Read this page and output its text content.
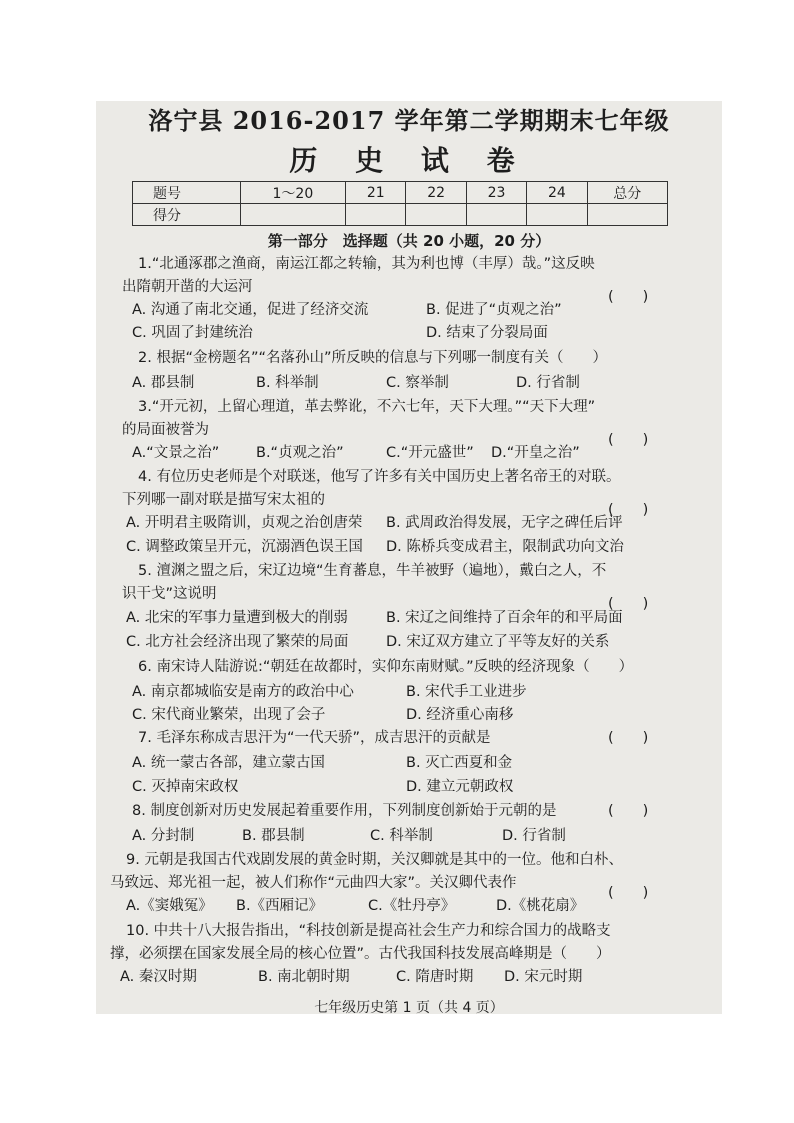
洛宁县 2016-2017 学年第二学期期末七年级
历 史 试 卷
题号	1～20	21	22	23	24	总分
得分						
第一部分　选择题（共 20 小题，20 分）
1.“北通涿郡之渔商，南运江都之转输，其为利也博（丰厚）哉。”这反映
出隋朝开凿的大运河
(　　)
A. 沟通了南北交通，促进了经济交流	B. 促进了“贞观之治”
C. 巩固了封建统治	D. 结束了分裂局面
2. 根据“金榜题名”“名落孙山”所反映的信息与下列哪一制度有关（　　）
A. 郡县制	B. 科举制	C. 察举制	D. 行省制
3.“开元初，上留心理道，革去弊讹，不六七年，天下大理。”“天下大理”
的局面被誉为
(　　)
A.“文景之治”	B.“贞观之治”	C.“开元盛世” D.“开皇之治”
4. 有位历史老师是个对联迷，他写了许多有关中国历史上著名帝王的对联。
下列哪一副对联是描写宋太祖的
(　　)
A. 开明君主吸隋训，贞观之治创唐荣 B. 武周政治得发展，无字之碑任后评
C. 调整政策呈开元，沉溺酒色误王国 D. 陈桥兵变成君主，限制武功向文治
5. 澶渊之盟之后，宋辽边境“生育蕃息，牛羊被野（遍地），戴白之人，不
识干戈”这说明
(　　)
A. 北宋的军事力量遭到极大的削弱	B. 宋辽之间维持了百余年的和平局面
C. 北方社会经济出现了繁荣的局面	D. 宋辽双方建立了平等友好的关系
6. 南宋诗人陆游说:“朝廷在故都时，实仰东南财赋。”反映的经济现象（　　）
A. 南京都城临安是南方的政治中心	B. 宋代手工业进步
C. 宋代商业繁荣，出现了会子	D. 经济重心南移
7. 毛泽东称成吉思汗为“一代天骄”，成吉思汗的贡献是	(　　)
A. 统一蒙古各部，建立蒙古国	B. 灭亡西夏和金
C. 灭掉南宋政权	D. 建立元朝政权
8. 制度创新对历史发展起着重要作用，下列制度创新始于元朝的是	(　　)
A. 分封制	B. 郡县制	C. 科举制	D. 行省制
9. 元朝是我国古代戏剧发展的黄金时期，关汉卿就是其中的一位。他和白朴、
马致远、郑光祖一起，被人们称作“元曲四大家”。关汉卿代表作
(　　)
A.《窦娥冤》 B.《西厢记》	C.《牡丹亭》	D.《桃花扇》
10. 中共十八大报告指出，“科技创新是提高社会生产力和综合国力的战略支
撑，必须摆在国家发展全局的核心位置”。古代我国科技发展高峰期是（　　）
A. 秦汉时期	B. 南北朝时期	C. 隋唐时期 D. 宋元时期
七年级历史第 1 页（共 4 页）
